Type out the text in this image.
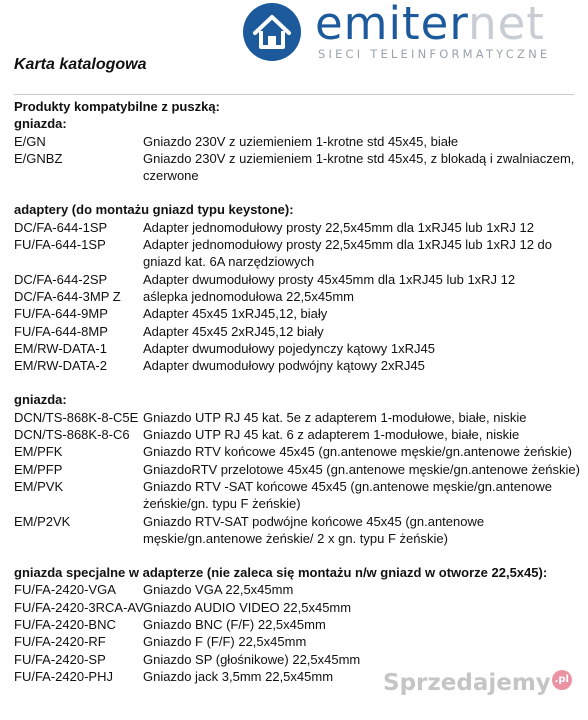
emiternet
SIECI TELEINFORMATYCZNE
Karta katalogowa
Produkty kompatybilne z puszką:
gniazda:
E/GN	Gniazdo 230V z uziemieniem 1-krotne std 45x45, białe
E/GNBZ	Gniazdo 230V z uziemieniem 1-krotne std 45x45, z blokadą i zwalniaczem, czerwone
adaptery (do montażu gniazd typu keystone):
DC/FA-644-1SP	Adapter jednomodułowy prosty 22,5x45mm dla 1xRJ45 lub 1xRJ 12
FU/FA-644-1SP	Adapter jednomodułowy prosty 22,5x45mm dla 1xRJ45 lub 1xRJ 12 do gniazd kat. 6A narzędziowych
DC/FA-644-2SP	Adapter dwumodułowy prosty 45x45mm dla 1xRJ45 lub 1xRJ 12
DC/FA-644-3MP Z	aślepka jednomodułowa 22,5x45mm
FU/FA-644-9MP	Adapter 45x45 1xRJ45,12, biały
FU/FA-644-8MP	Adapter 45x45 2xRJ45,12 biały
EM/RW-DATA-1	Adapter dwumodułowy pojedynczy kątowy 1xRJ45
EM/RW-DATA-2	Adapter dwumodułowy podwójny kątowy 2xRJ45
gniazda:
DCN/TS-868K-8-C5E Gniazdo UTP RJ 45 kat. 5e z adapterem 1-modułowe, białe, niskie
DCN/TS-868K-8-C6	Gniazdo UTP RJ 45 kat. 6 z adapterem 1-modułowe, białe, niskie
EM/PFK	Gniazdo RTV końcowe 45x45 (gn.antenowe męskie/gn.antenowe żeńskie)
EM/PFP	GniazdoRTV przelotowe 45x45 (gn.antenowe męskie/gn.antenowe żeńskie)
EM/PVK	Gniazdo RTV -SAT końcowe 45x45 (gn.antenowe męskie/gn.antenowe żeńskie/gn. typu F żeńskie)
EM/P2VK	Gniazdo RTV-SAT podwójne końcowe 45x45 (gn.antenowe męskie/gn.antenowe żeńskie/ 2 x gn. typu F żeńskie)
gniazda specjalne w adapterze (nie zaleca się montażu n/w gniazd w otworze 22,5x45):
FU/FA-2420-VGA	Gniazdo VGA 22,5x45mm
FU/FA-2420-3RCA-AV Gniazdo AUDIO VIDEO 22,5x45mm
FU/FA-2420-BNC	Gniazdo BNC (F/F) 22,5x45mm
FU/FA-2420-RF	Gniazdo F (F/F) 22,5x45mm
FU/FA-2420-SP	Gniazdo SP (głośnikowe) 22,5x45mm
FU/FA-2420-PHJ	Gniazdo jack 3,5mm 22,5x45mm	Sprzedajemy .pl
